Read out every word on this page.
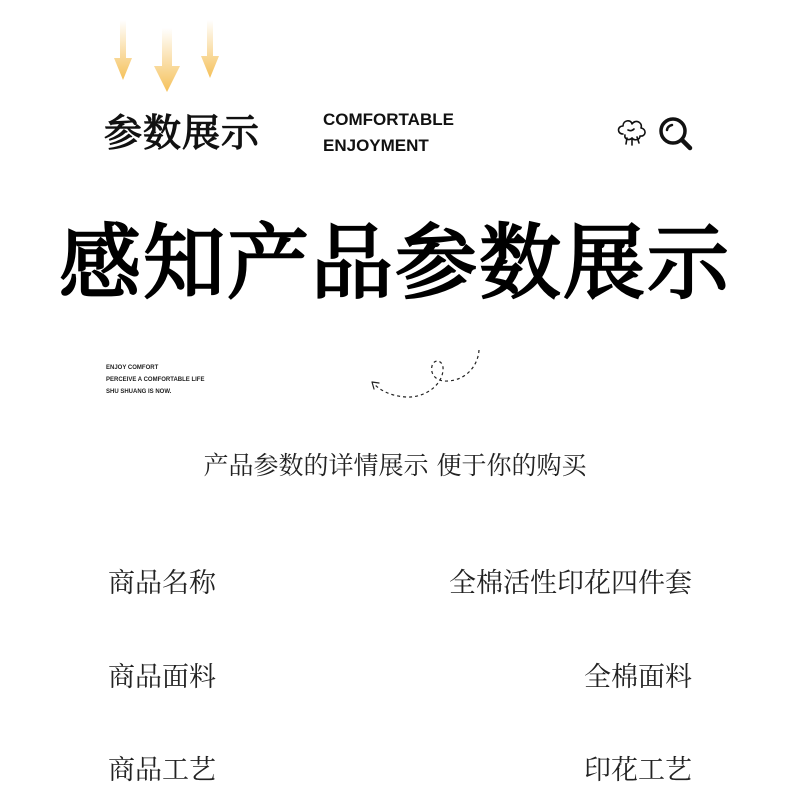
参数展示	COMFORTABLE
ENJOYMENT
感知产品参数展示
ENJOY COMFORT
PERCEIVE A COMFORTABLE LIFE
SHU SHUANG IS NOW.

产品参数的详情展示 便于你的购买

商品名称	全棉活性印花四件套
商品面料	全棉面料
商品工艺	印花工艺
